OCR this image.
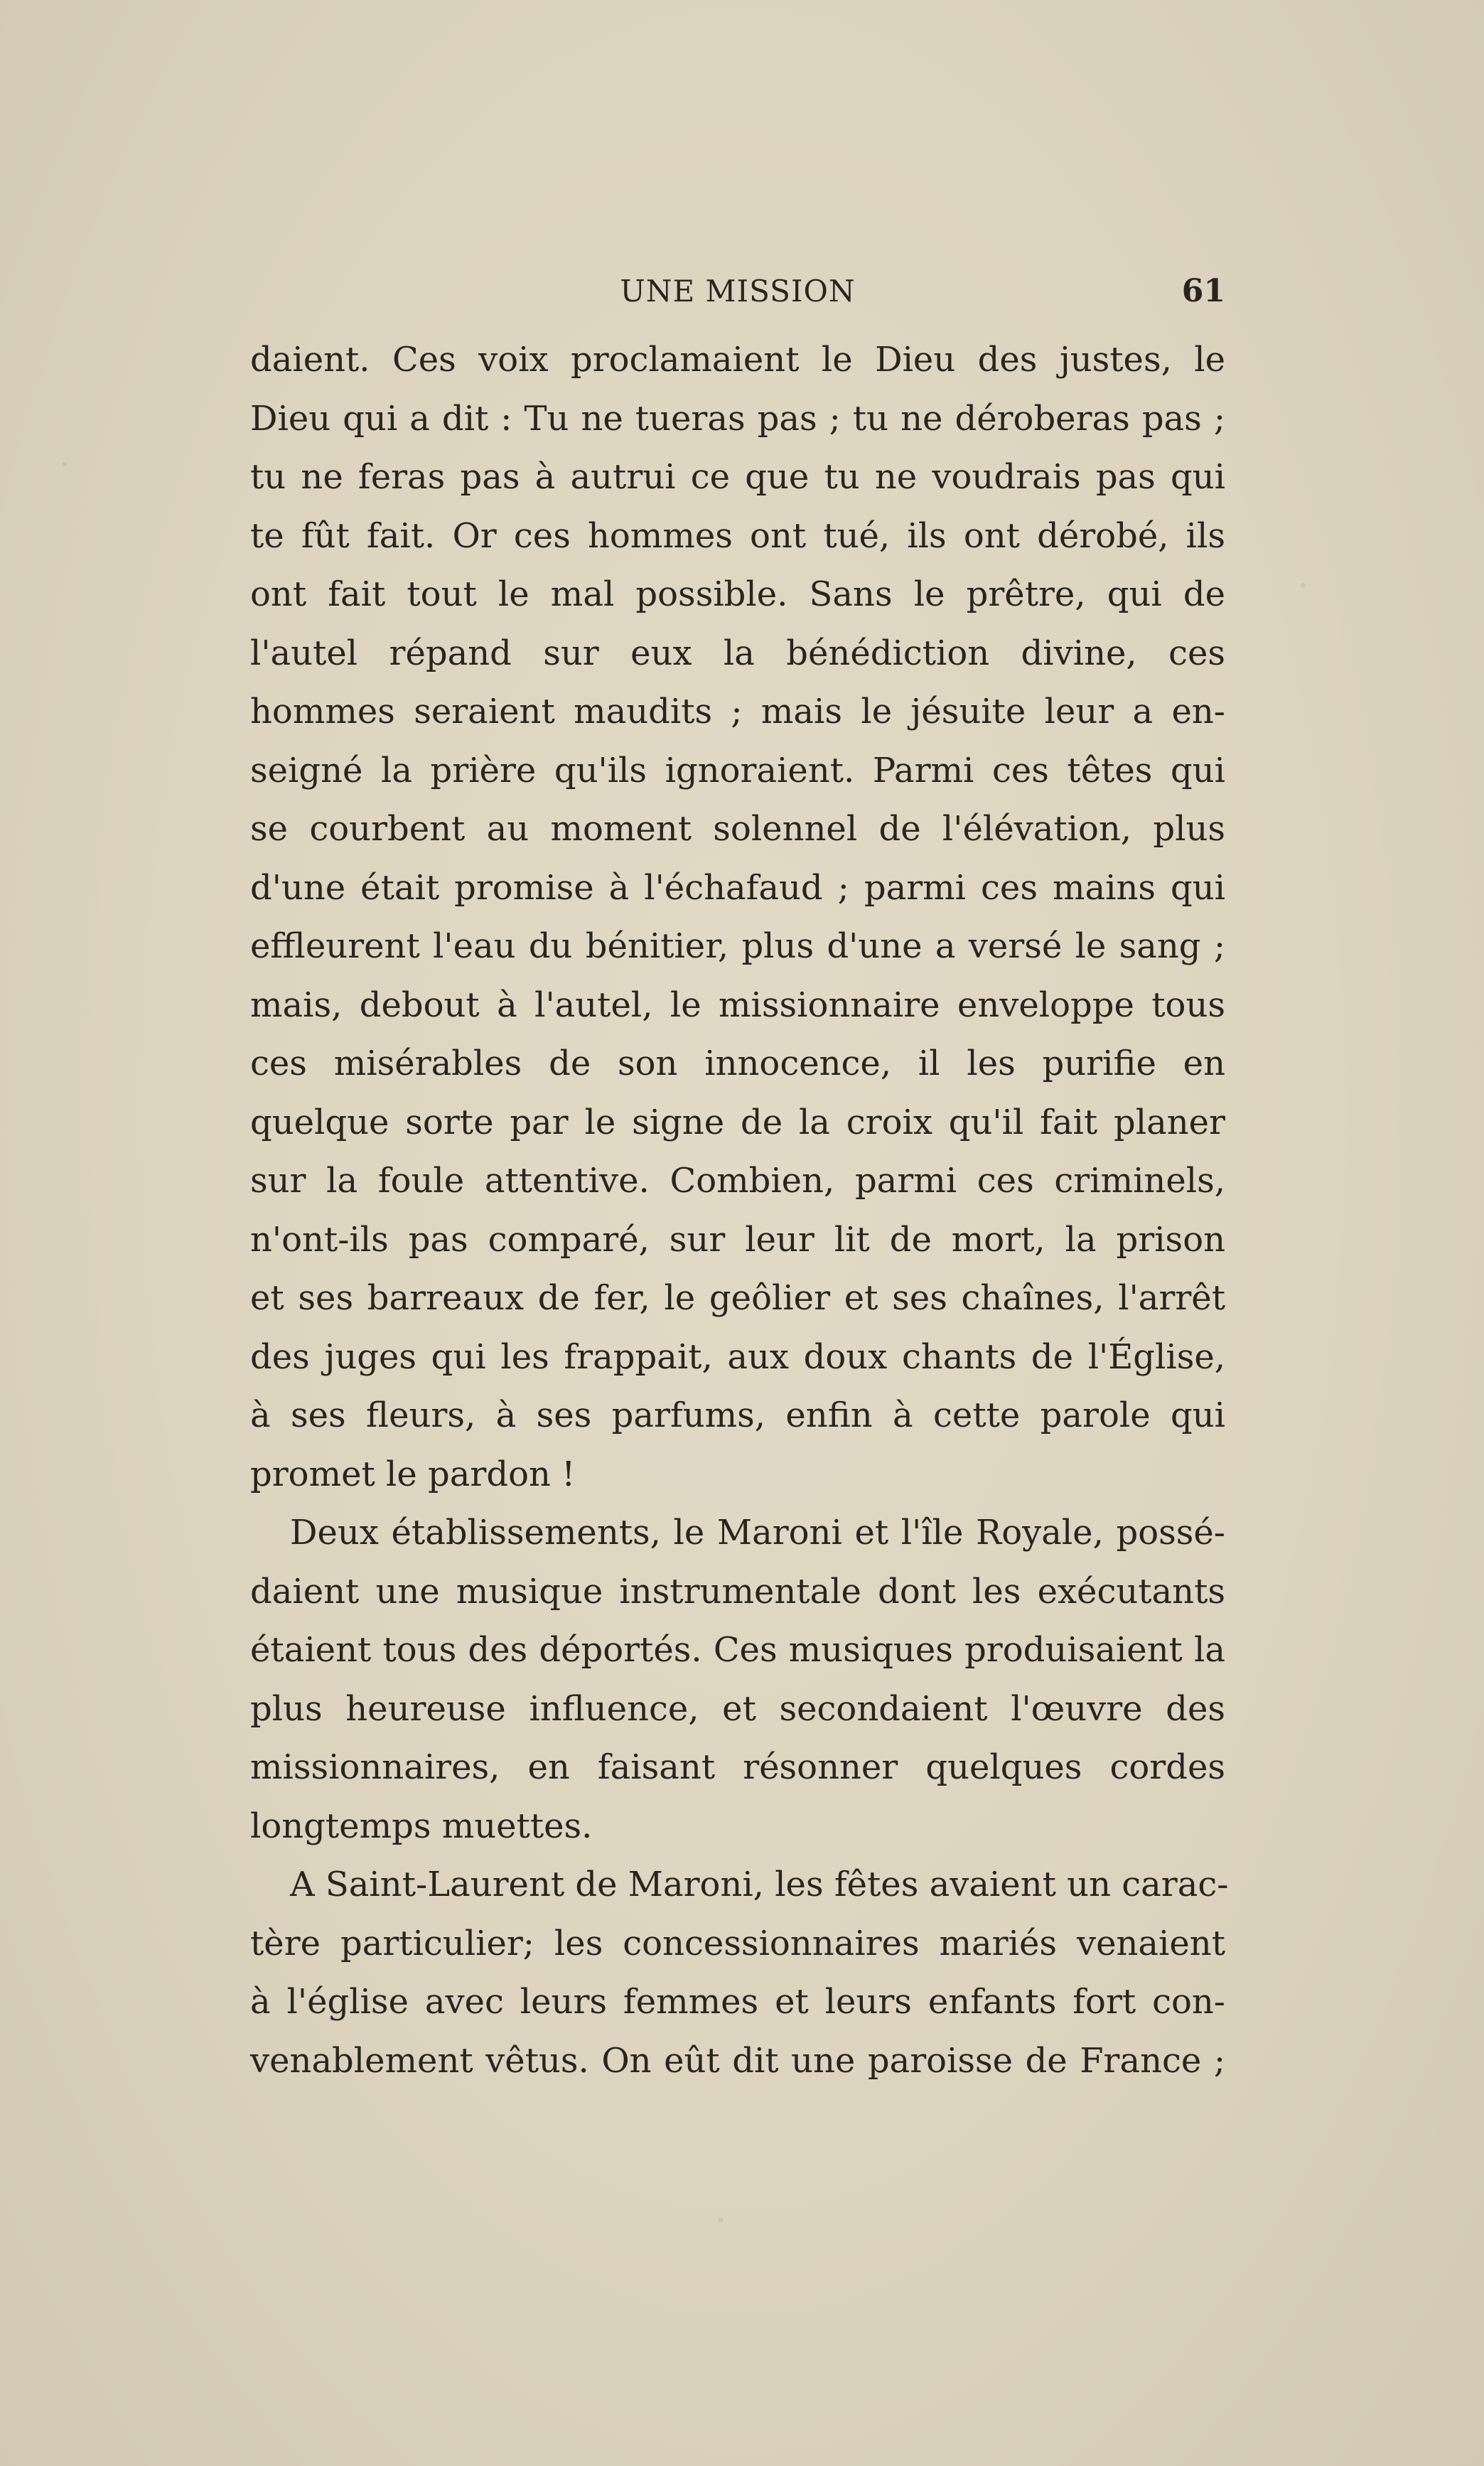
UNE MISSION	61
daient. Ces voix proclamaient le Dieu des justes, le
Dieu qui a dit : Tu ne tueras pas ; tu ne déroberas pas ;
tu ne feras pas à autrui ce que tu ne voudrais pas qui
te fût fait. Or ces hommes ont tué, ils ont dérobé, ils
ont fait tout le mal possible. Sans le prêtre, qui de
l'autel répand sur eux la bénédiction divine, ces
hommes seraient maudits ; mais le jésuite leur a en-
seigné la prière qu'ils ignoraient. Parmi ces têtes qui
se courbent au moment solennel de l'élévation, plus
d'une était promise à l'échafaud ; parmi ces mains qui
effleurent l'eau du bénitier, plus d'une a versé le sang ;
mais, debout à l'autel, le missionnaire enveloppe tous
ces misérables de son innocence, il les purifie en
quelque sorte par le signe de la croix qu'il fait planer
sur la foule attentive. Combien, parmi ces criminels,
n'ont-ils pas comparé, sur leur lit de mort, la prison
et ses barreaux de fer, le geôlier et ses chaînes, l'arrêt
des juges qui les frappait, aux doux chants de l'Église,
à ses fleurs, à ses parfums, enfin à cette parole qui
promet le pardon !
Deux établissements, le Maroni et l'île Royale, possé-
daient une musique instrumentale dont les exécutants
étaient tous des déportés. Ces musiques produisaient la
plus heureuse influence, et secondaient l'œuvre des
missionnaires, en faisant résonner quelques cordes
longtemps muettes.
A Saint-Laurent de Maroni, les fêtes avaient un carac-
tère particulier; les concessionnaires mariés venaient
à l'église avec leurs femmes et leurs enfants fort con-
venablement vêtus. On eût dit une paroisse de France ;
